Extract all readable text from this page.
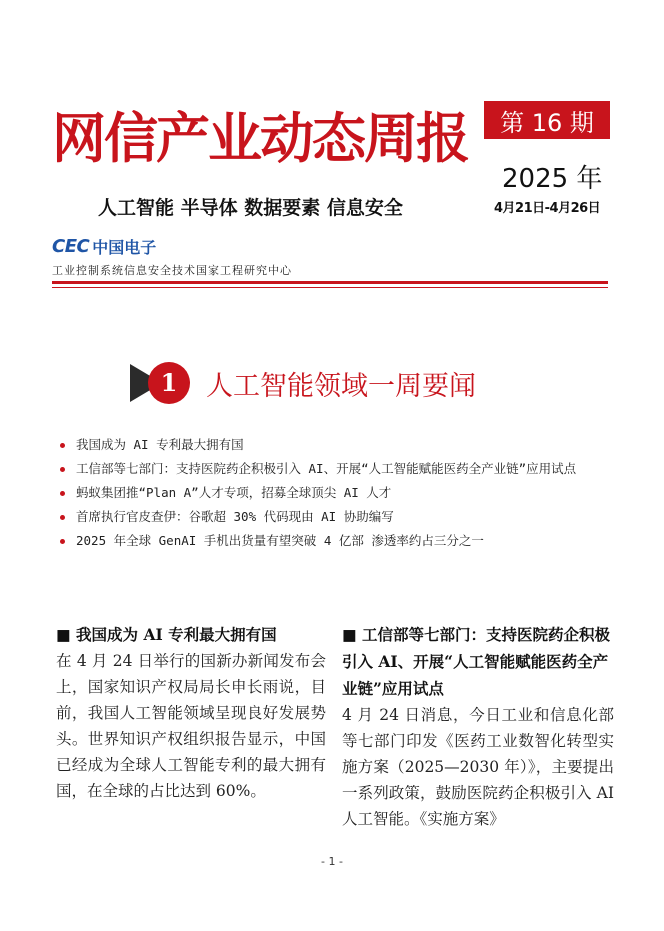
网信产业动态周报	第 16 期
2025 年
4月21日-4月26日
人工智能 半导体 数据要素 信息安全
CEC 中国电子
工业控制系统信息安全技术国家工程研究中心
1 人工智能领域一周要闻
我国成为 AI 专利最大拥有国
工信部等七部门：支持医院药企积极引入 AI、开展“人工智能赋能医药全产业链”应用试点
蚂蚁集团推“Plan A”人才专项，招募全球顶尖 AI 人才
首席执行官皮查伊：谷歌超 30% 代码现由 AI 协助编写
2025 年全球 GenAI 手机出货量有望突破 4 亿部 渗透率约占三分之一
■ 我国成为 AI 专利最大拥有国
在 4 月 24 日举行的国新办新闻发布会上，国家知识产权局局长申长雨说，目前，我国人工智能领域呈现良好发展势头。世界知识产权组织报告显示，中国已经成为全球人工智能专利的最大拥有国，在全球的占比达到 60%。
■ 工信部等七部门：支持医院药企积极引入 AI、开展“人工智能赋能医药全产业链”应用试点
4 月 24 日消息，今日工业和信息化部等七部门印发《医药工业数智化转型实施方案（2025—2030 年）》，主要提出一系列政策，鼓励医院药企积极引入 AI 人工智能。《实施方案》
- 1 -
